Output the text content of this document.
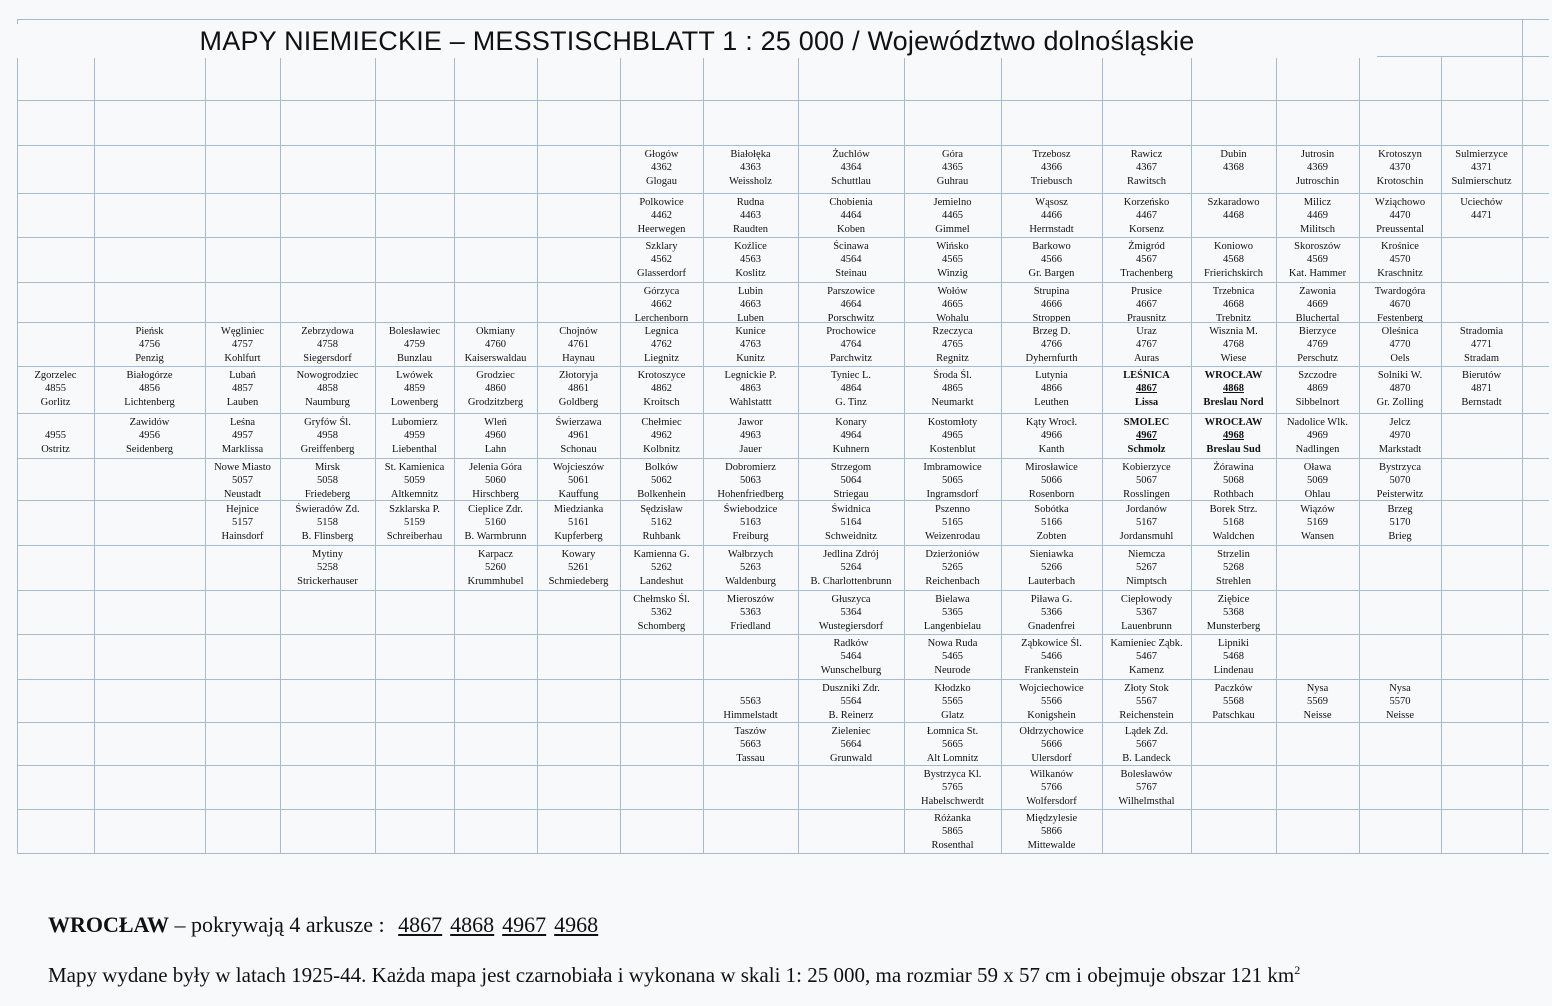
MAPY NIEMIECKIE – MESSTISCHBLATT 1 : 25 000 / Województwo dolnośląskie
Głogów
4362
Glogau
Białołęka
4363
Weissholz
Żuchlów
4364
Schuttlau
Góra
4365
Guhrau
Trzebosz
4366
Triebusch
Rawicz
4367
Rawitsch
Dubin
4368

Jutrosin
4369
Jutroschin
Krotoszyn
4370
Krotoschin
Sulmierzyce
4371
Sulmierschutz
Polkowice
4462
Heerwegen
Rudna
4463
Raudten
Chobienia
4464
Koben
Jemielno
4465
Gimmel
Wąsosz
4466
Herrnstadt
Korzeńsko
4467
Korsenz
Szkaradowo
4468

Milicz
4469
Militsch
Wziąchowo
4470
Preussental
Uciechów
4471

Szklary
4562
Glasserdorf
Koźlice
4563
Koslitz
Ścinawa
4564
Steinau
Wińsko
4565
Winzig
Barkowo
4566
Gr. Bargen
Żmigród
4567
Trachenberg
Koniowo
4568
Frierichskirch
Skoroszów
4569
Kat. Hammer
Krośnice
4570
Kraschnitz
Górzyca
4662
Lerchenborn
Lubin
4663
Luben
Parszowice
4664
Porschwitz
Wołów
4665
Wohalu
Strupina
4666
Stroppen
Prusice
4667
Prausnitz
Trzebnica
4668
Trebnitz
Zawonia
4669
Bluchertal
Twardogóra
4670
Festenberg
Pieńsk
4756
Penzig
Węgliniec
4757
Kohlfurt
Zebrzydowa
4758
Siegersdorf
Bolesławiec
4759
Bunzlau
Okmiany
4760
Kaiserswaldau
Chojnów
4761
Haynau
Legnica
4762
Liegnitz
Kunice
4763
Kunitz
Prochowice
4764
Parchwitz
Rzeczyca
4765
Regnitz
Brzeg D.
4766
Dyhernfurth
Uraz
4767
Auras
Wisznia M.
4768
Wiese
Bierzyce
4769
Perschutz
Oleśnica
4770
Oels
Stradomia
4771
Stradam
Zgorzelec
4855
Gorlitz
Białogórze
4856
Lichtenberg
Lubań
4857
Lauben
Nowogrodziec
4858
Naumburg
Lwówek
4859
Lowenberg
Grodziec
4860
Grodzitzberg
Złotoryja
4861
Goldberg
Krotoszyce
4862
Kroitsch
Legnickie P.
4863
Wahlstattt
Tyniec L.
4864
G. Tinz
Środa Śl.
4865
Neumarkt
Lutynia
4866
Leuthen
LEŚNICA
4867
Lissa
WROCŁAW
4868
Breslau Nord
Szczodre
4869
Sibbelnort
Solniki W.
4870
Gr. Zolling
Bierutów
4871
Bernstadt

4955
Ostritz
Zawidów
4956
Seidenberg
Leśna
4957
Marklissa
Gryfów Śl.
4958
Greiffenberg
Lubomierz
4959
Liebenthal
Wleń
4960
Lahn
Świerzawa
4961
Schonau
Chełmiec
4962
Kolbnitz
Jawor
4963
Jauer
Konary
4964
Kuhnern
Kostomłoty
4965
Kostenblut
Kąty Wrocł.
4966
Kanth
SMOLEC
4967
Schmolz
WROCŁAW
4968
Breslau Sud
Nadolice Wlk.
4969
Nadlingen
Jelcz
4970
Markstadt
Nowe Miasto
5057
Neustadt
Mirsk
5058
Friedeberg
St. Kamienica
5059
Altkemnitz
Jelenia Góra
5060
Hirschberg
Wojcieszów
5061
Kauffung
Bolków
5062
Bolkenhein
Dobromierz
5063
Hohenfriedberg
Strzegom
5064
Striegau
Imbramowice
5065
Ingramsdorf
Mirosławice
5066
Rosenborn
Kobierzyce
5067
Rosslingen
Żórawina
5068
Rothbach
Oława
5069
Ohlau
Bystrzyca
5070
Peisterwitz
Hejnice
5157
Hainsdorf
Świeradów Zd.
5158
B. Flinsberg
Szklarska P.
5159
Schreiberhau
Cieplice Zdr.
5160
B. Warmbrunn
Miedzianka
5161
Kupferberg
Sędzisław
5162
Ruhbank
Świebodzice
5163
Freiburg
Świdnica
5164
Schweidnitz
Pszenno
5165
Weizenrodau
Sobótka
5166
Zobten
Jordanów
5167
Jordansmuhl
Borek Strz.
5168
Waldchen
Wiązów
5169
Wansen
Brzeg
5170
Brieg
Mytiny
5258
Strickerhauser
Karpacz
5260
Krummhubel
Kowary
5261
Schmiedeberg
Kamienna G.
5262
Landeshut
Wałbrzych
5263
Waldenburg
Jedlina Zdrój
5264
B. Charlottenbrunn
Dzierżoniów
5265
Reichenbach
Sieniawka
5266
Lauterbach
Niemcza
5267
Nimptsch
Strzelin
5268
Strehlen
Chełmsko Śl.
5362
Schomberg
Mieroszów
5363
Friedland
Głuszyca
5364
Wustegiersdorf
Bielawa
5365
Langenbielau
Piława G.
5366
Gnadenfrei
Ciepłowody
5367
Lauenbrunn
Ziębice
5368
Munsterberg
Radków
5464
Wunschelburg
Nowa Ruda
5465
Neurode
Ząbkowice Śl.
5466
Frankenstein
Kamieniec Ząbk.
5467
Kamenz
Lipniki
5468
Lindenau

5563
Himmelstadt
Duszniki Zdr.
5564
B. Reinerz
Kłodzko
5565
Glatz
Wojciechowice
5566
Konigshein
Złoty Stok
5567
Reichenstein
Paczków
5568
Patschkau
Nysa
5569
Neisse
Nysa
5570
Neisse
Taszów
5663
Tassau
Zieleniec
5664
Grunwald
Łomnica St.
5665
Alt Lomnitz
Ołdrzychowice
5666
Ulersdorf
Lądek Zd.
5667
B. Landeck
Bystrzyca Kl.
5765
Habelschwerdt
Wilkanów
5766
Wolfersdorf
Bolesławów
5767
Wilhelmsthal
Różanka
5865
Rosenthal
Międzylesie
5866
Mittewalde
WROCŁAW – pokrywają 4 arkusze : 4867 4868 4967 4968
Mapy wydane były w latach 1925-44. Każda mapa jest czarnobiała i wykonana w skali 1: 25 000, ma rozmiar 59 x 57 cm i obejmuje obszar 121 $km^2$
